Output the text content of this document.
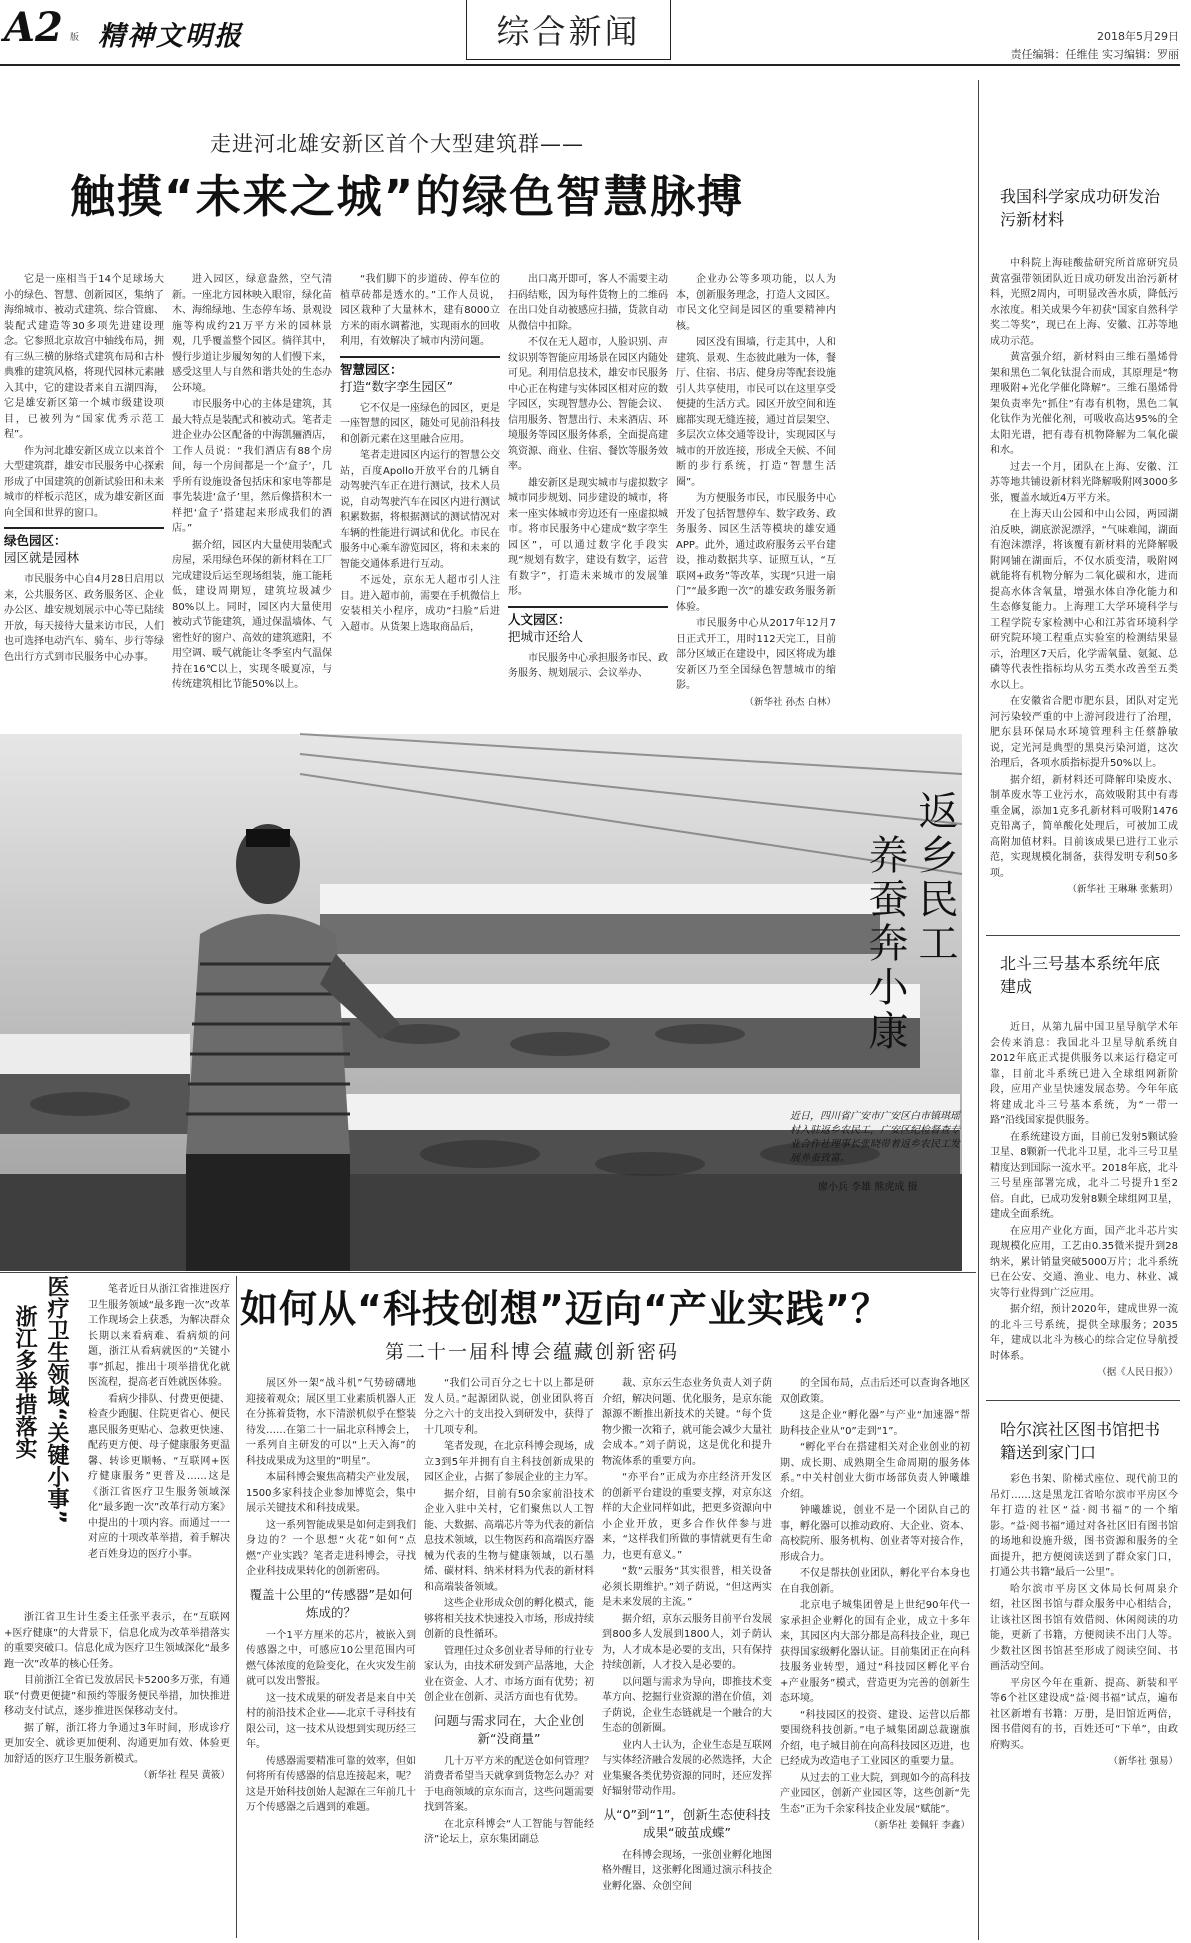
A2 版 精神文明报	综合新闻	2018年5月29日
责任编辑：任维佳 实习编辑：罗丽
走进河北雄安新区首个大型建筑群——
触摸“未来之城”的绿色智慧脉搏

它是一座相当于14个足球场大小的绿色、智慧、创新园区，集纳了海绵城市、被动式建筑、综合管廊、装配式建造等30多项先进建设理念。它参照北京故宫中轴线布局，拥有三纵三横的脉络式建筑布局和古朴典雅的建筑风格，将现代园林元素融入其中，它的建设者来自五湖四海，它是雄安新区第一个城市级建设项目，已被列为“国家优秀示范工程”。

作为河北雄安新区成立以来首个大型建筑群，雄安市民服务中心探索形成了中国建筑的创新试验田和未来城市的样板示范区，成为雄安新区面向全国和世界的窗口。

绿色园区：
园区就是园林

市民服务中心自4月28日启用以来，公共服务区、政务服务区、企业办公区、雄安规划展示中心等已陆续开放，每天接待大量来访市民，人们也可选择电动汽车、骑车、步行等绿色出行方式到市民服务中心办事。

进入园区，绿意盎然，空气清新。一座北方园林映入眼帘，绿化苗木、海绵绿地、生态停车场、景观设施等构成约21万平方米的园林景观，几乎覆盖整个园区。徜徉其中，慢行步道让步履匆匆的人们慢下来，感受这里人与自然和谐共处的生态办公环境。

市民服务中心的主体是建筑，其最大特点是装配式和被动式。笔者走进企业办公区配备的中海凯骊酒店，工作人员说：“我们酒店有88个房间，每一个房间都是一个‘盒子’，几乎所有设施设备包括床和家电等都是事先装进‘盒子’里，然后像搭积木一样把‘盒子’搭建起来形成我们的酒店。”

据介绍，园区内大量使用装配式房屋，采用绿色环保的新材料在工厂完成建设后运至现场组装，施工能耗低，建设周期短，建筑垃圾减少80%以上。同时，园区内大量使用被动式节能建筑，通过保温墙体、气密性好的窗户、高效的建筑遮阳，不用空调、暖气就能让冬季室内气温保持在16℃以上，实现冬暖夏凉，与传统建筑相比节能50%以上。

“我们脚下的步道砖、停车位的植草砖都是透水的。”工作人员说，园区栽种了大量林木，建有8000立方米的雨水调蓄池，实现雨水的回收利用，有效解决了城市内涝问题。

智慧园区：
打造“数字孪生园区”

它不仅是一座绿色的园区，更是一座智慧的园区，随处可见前沿科技和创新元素在这里融合应用。

笔者走进园区内运行的智慧公交站，百度Apollo开放平台的几辆自动驾驶汽车正在进行测试，技术人员说，自动驾驶汽车在园区内进行测试积累数据，将根据测试的测试情况对车辆的性能进行调试和优化。市民在服务中心乘车游览园区，将和未来的智能交通体系进行互动。

不远处，京东无人超市引人注目。进入超市前，需要在手机微信上安装相关小程序，成功“扫脸”后进入超市。从货架上选取商品后，

出口离开即可，客人不需要主动扫码结账，因为每件货物上的二维码在出口处自动被感应扫描，货款自动从微信中扣除。

不仅在无人超市，人脸识别、声纹识别等智能应用场景在园区内随处可见。利用信息技术，雄安市民服务中心正在构建与实体园区相对应的数字园区，实现智慧办公、智能会议、信用服务、智慧出行、未来酒店、环境服务等园区服务体系，全面提高建筑资源、商业、住宿、餐饮等服务效率。

雄安新区是现实城市与虚拟数字城市同步规划、同步建设的城市，将来一座实体城市旁边还有一座虚拟城市。将市民服务中心建成“数字孪生园区”，可以通过数字化手段实现“规划有数字，建设有数字，运营有数字”，打造未来城市的发展雏形。

人文园区：
把城市还给人

市民服务中心承担服务市民、政务服务、规划展示、会议举办、

企业办公等多项功能，以人为本，创新服务理念，打造人文园区。市民文化空间是园区的重要精神内核。

园区没有围墙，行走其中，人和建筑、景观、生态彼此融为一体，餐厅、住宿、书店、健身房等配套设施引人共享使用，市民可以在这里享受便捷的生活方式。园区开放空间和连廊都实现无缝连接，通过首层架空、多层次立体交通等设计，实现园区与城市的开放连接，形成全天候、不间断的步行系统，打造“智慧生活圈”。

为方便服务市民，市民服务中心开发了包括智慧停车、数字政务、政务服务、园区生活等模块的雄安通APP。此外，通过政府服务云平台建设，推动数据共享、证照互认，“互联网+政务”等改革，实现“只进一扇门”“最多跑一次”的雄安政务服务新体验。

市民服务中心从2017年12月7日正式开工，用时112天完工，目前部分区域正在建设中，园区将成为雄安新区乃至全国绿色智慧城市的缩影。

（新华社 孙杰 白林）
返乡民工
养蚕奔小康
近日，四川省广安市广安区白市镇琪瑶村入驻返乡农民工，广安区纪检督查专业合作社理事长张晓带着返乡农民工发展养蚕致富。
廖小兵 李雄 熊虎成 摄
我国科学家成功研发治污新材料

中科院上海硅酸盐研究所首席研究员黄富强带领团队近日成功研发出治污新材料，光照2周内，可明显改善水质，降低污水浓度。相关成果今年初获“国家自然科学奖二等奖”，现已在上海、安徽、江苏等地成功示范。

黄富强介绍，新材料由三维石墨烯骨架和黑色二氧化钛混合而成，其原理是“物理吸附+光化学催化降解”。三维石墨烯骨架负责率先“抓住”有毒有机物，黑色二氧化钛作为光催化剂，可吸收高达95%的全太阳光谱，把有毒有机物降解为二氧化碳和水。

过去一个月，团队在上海、安徽、江苏等地共铺设新材料光降解吸附网3000多张，覆盖水域近4万平方米。

在上海天山公园和中山公园，两园湖泊反映，湖底淤泥漂浮，“气味难闻，湖面有泡沫漂浮，将该覆有新材料的光降解吸附网铺在湖面后，不仅水质变清，吸附网就能将有机物分解为二氧化碳和水，进而提高水体含氧量，增强水体自净化能力和生态修复能力。上海理工大学环境科学与工程学院专家检测中心和江苏省环境科学研究院环境工程重点实验室的检测结果显示，治理区7天后，化学需氧量、氨氮、总磷等代表性指标均从劣五类水改善至五类水以上。

在安徽省合肥市肥东县，团队对定光河污染较严重的中上游河段进行了治理，肥东县环保局水环境管理科主任蔡静敏说，定光河是典型的黑臭污染河道，这次治理后，各项水质指标提升50%以上。

据介绍，新材料还可降解印染废水、制革废水等工业污水，高效吸附其中有毒重金属，添加1克多孔新材料可吸附1476克铅离子，简单酸化处理后，可被加工成高附加值材料。目前该成果已进行工业示范，实现规模化制备，获得发明专利50多项。

（新华社 王琳琳 张紫玥）
北斗三号基本系统年底建成

近日，从第九届中国卫星导航学术年会传来消息：我国北斗卫星导航系统自2012年底正式提供服务以来运行稳定可靠，目前北斗系统已进入全球组网新阶段，应用产业呈快速发展态势。今年年底将建成北斗三号基本系统，为“一带一路”沿线国家提供服务。

在系统建设方面，目前已发射5颗试验卫星、8颗新一代北斗卫星，北斗三号卫星精度达到国际一流水平。2018年底，北斗三号星座部署完成，北斗二号提升1至2倍。自此，已成功发射8颗全球组网卫星，建成全面系统。

在应用产业化方面，国产北斗芯片实现规模化应用，工艺由0.35微米提升到28纳米，累计销量突破5000万片；北斗系统已在公安、交通、渔业、电力、林业、减灾等行业得到广泛应用。

据介绍，预计2020年，建成世界一流的北斗三号系统，提供全球服务；2035年，建成以北斗为核心的综合定位导航授时体系。

（据《人民日报》）
哈尔滨社区图书馆把书籍送到家门口

彩色书架、阶梯式座位、现代前卫的吊灯……这是黑龙江省哈尔滨市平房区今年打造的社区“益·阅书福”的一个缩影。“益·阅书福”通过对各社区旧有图书馆的场地和设施升级，图书资源和服务的全面提升，把方便阅读送到了群众家门口，打通公共书籍“最后一公里”。

哈尔滨市平房区文体局长何周泉介绍，社区图书馆与群众服务中心相结合，让该社区图书馆有效借阅、休闲阅读的功能，更新了书籍，方便阅读不出门人等。少数社区图书馆甚至形成了阅读空间、书画活动空间。

平房区今年在重新、提高、新装和平等6个社区建设成“益·阅书福”试点，遍布社区新增有书籍：万册，是旧馆近两倍，图书借阅有的书，百姓还可“下单”，由政府购买。

（新华社 强易）
医疗卫生领域“关键小事”
浙江多举措落实

笔者近日从浙江省推进医疗卫生服务领域“最多跑一次”改革工作现场会上获悉，为解决群众长期以来看病难、看病烦的问题，浙江从看病就医的“关键小事”抓起，推出十项举措优化就医流程，提高老百姓就医体验。

看病少排队、付费更便捷、检查少跑腿、住院更省心、便民惠民服务更贴心、急救更快速、配药更方便、母子健康服务更温馨、转诊更顺畅、“互联网+医疗健康服务”更普及……这是《浙江省医疗卫生服务领域深化“最多跑一次”改革行动方案》中提出的十项内容。而通过一一对应的十项改革举措，着手解决老百姓身边的医疗小事。

浙江省卫生计生委主任张平表示，在“互联网+医疗健康”的大背景下，信息化成为改革举措落实的重要突破口。信息化成为医疗卫生领域深化“最多跑一次”改革的核心任务。

目前浙江全省已发放居民卡5200多万张，有通联“付费更便捷”和预约等服务便民举措，加快推进移动支付试点，逐步推进医保移动支付。

据了解，浙江将力争通过3年时间，形成诊疗更加安全、就诊更加便利、沟通更加有效、体验更加舒适的医疗卫生服务新模式。

（新华社 程昊 黄筱）
如何从“科技创想”迈向“产业实践”？
第二十一届科博会蕴藏创新密码

展区外一架“战斗机”气势磅礴地迎接着观众；展区里工业素质机器人正在分拣着货物，水下清淤机似乎在整装待发……在第二十一届北京科博会上，一系列自主研发的可以“上天入海”的科技成果成为这里的“明星”。

本届科博会聚焦高精尖产业发展，1500多家科技企业参加博览会，集中展示关键技术和科技成果。

这一系列智能成果是如何走到我们身边的？一个思想“火花”如何“点燃”产业实践？笔者走进科博会，寻找企业科技成果转化的创新密码。

覆盖十公里的“传感器”是如何炼成的？

一个1平方厘米的芯片，被嵌入到传感器之中，可感应10公里范围内可燃气体浓度的危险变化，在火灾发生前就可以发出警报。

这一技术成果的研发者是来自中关村的前沿技术企业——北京千寻科技有限公司，这一技术从设想到实现历经三年。

传感器需要精准可靠的效率，但如何将所有传感器的信息连接起来，呢？这是开始科技创始人起源在三年前几十万个传感器之后遇到的难题。

“我们公司百分之七十以上都是研发人员。”起源团队说，创业团队将百分之六十的支出投入到研发中，获得了十几项专利。

笔者发现，在北京科博会现场，成立3到5年并拥有自主科技创新成果的园区企业，占据了参展企业的主力军。

据介绍，目前有50余家前沿技术企业入驻中关村，它们聚焦以人工智能、大数据、高端芯片等为代表的新信息技术领域，以生物医药和高端医疗器械为代表的生物与健康领域，以石墨烯、碳材料、纳米材料为代表的新材料和高端装备领域。

这些企业形成众创的孵化模式，能够将相关技术快速投入市场，形成持续创新的良性循环。

管理任过众多创业者导师的行业专家认为，由技术研发到产品落地，大企业在资金、人才、市场方面有优势；初创企业在创新、灵活方面也有优势。

问题与需求同在，大企业创新“没商量”

几十万平方米的配送仓如何管理？消费者希望当天就拿到货物怎么办？对于电商领域的京东而言，这些问题需要找到答案。

在北京科博会“人工智能与智能经济”论坛上，京东集团副总

裁、京东云生态业务负责人刘子荫介绍，解决问题、优化服务，是京东能源源不断推出新技术的关键。“每个货物少搬一次箱子，就可能会减少大量社会成本。”刘子荫说，这是优化和提升物流体系的重要方向。

“亦平台”正成为亦庄经济开发区的创新平台建设的重要支撑，对京东这样的大企业同样如此，把更多资源向中小企业开放，更多合作伙伴参与进来，“这样我们所做的事情就更有生命力，也更有意义。”

“数”云服务“其实很普，相关设备必须长期维护。”刘子荫说，“但这两实是未来发展的主流。”

据介绍，京东云服务目前平台发展到800多人发展到1800人，刘子荫认为，人才成本是必要的支出，只有保持持续创新，人才投入是必要的。

以问题与需求为导向，即推技术变革方向、挖掘行业资源的潜在价值，刘子荫说，企业生态链就是一个融合的大生态的创新圈。

业内人士认为，企业生态是互联网与实体经济融合发展的必然选择，大企业集聚各类优势资源的同时，还应发挥好辐射带动作用。

从“0”到“1”，创新生态使科技成果“破茧成蝶”

在科博会现场，一张创业孵化地图格外醒目，这张孵化图通过演示科技企业孵化器、众创空间

的全国布局，点击后还可以查询各地区双创政策。

这是企业“孵化器”与产业“加速器”帮助科技企业从“0”走到“1”。

“孵化平台在搭建相关对企业创业的初期、成长期、成熟期全生命周期的服务体系。”中关村创业大街市场部负责人钟曦雄介绍。

钟曦雄说，创业不是一个团队自己的事，孵化器可以推动政府、大企业、资本、高校院所、服务机构、创业者等对接合作，形成合力。

不仅是帮扶创业团队，孵化平台本身也在自我创新。

北京电子城集团曾是上世纪90年代一家承担企业孵化的国有企业，成立十多年来，其园区内大部分都是高科技企业，现已获得国家级孵化器认证。目前集团正在向科技服务业转型，通过“科技园区孵化平台+产业服务”模式，营造更为完善的创新生态环境。

“科技园区的投资、建设、运营以后都要围绕科技创新。”电子城集团副总裁谢旗介绍，电子城目前在向高科技园区迈进，也已经成为改造电子工业园区的重要力量。

从过去的工业大院，到现如今的高科技产业园区，创新产业园区等，这些创新“先生态”正为千余家科技企业发展“赋能”。

（新华社 姜佩轩 李鑫）
